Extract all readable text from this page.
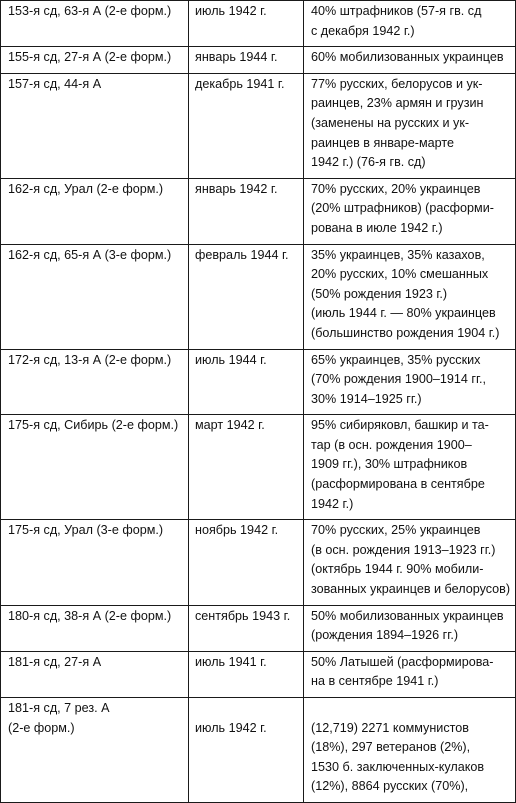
153-я сд, 63-я А (2-е форм.)	июль 1942 г.	40% штрафников (57-я гв. сд
с декабря 1942 г.)

155-я сд, 27-я А (2-е форм.)	январь 1944 г.	60% мобилизованных украинцев

157-я сд, 44-я А	декабрь 1941 г.	77% русских, белорусов и ук-
раинцев, 23% армян и грузин
(заменены на русских и ук-
раинцев в январе-марте
1942 г.) (76-я гв. сд)

162-я сд, Урал (2-е форм.)	январь 1942 г.	70% русских, 20% украинцев
(20% штрафников) (расформи-
рована в июле 1942 г.)

162-я сд, 65-я А (3-е форм.)	февраль 1944 г.	35% украинцев, 35% казахов,
20% русских, 10% смешанных
(50% рождения 1923 г.)
(июль 1944 г. — 80% украинцев
(большинство рождения 1904 г.)

172-я сд, 13-я А (2-е форм.)	июль 1944 г.	65% украинцев, 35% русских
(70% рождения 1900–1914 гг.,
30% 1914–1925 гг.)

175-я сд, Сибирь (2-е форм.)	март 1942 г.	95% сибиряковл, башкир и та-
тар (в осн. рождения 1900–
1909 гг.), 30% штрафников
(расформирована в сентябре
1942 г.)

175-я сд, Урал (3-е форм.)	ноябрь 1942 г.	70% русских, 25% украинцев
(в осн. рождения 1913–1923 гг.)
(октябрь 1944 г. 90% мобили-
зованных украинцев и белорусов)

180-я сд, 38-я А (2-е форм.)	сентябрь 1943 г.	50% мобилизованных украинцев
(рождения 1894–1926 гг.)

181-я сд, 27-я А	июль 1941 г.	50% Латышей (расформирова-
на в сентябре 1941 г.)

181-я сд, 7 рез. А
(2-е форм.)	июль 1942 г.	(12,719) 2271 коммунистов
(18%), 297 ветеранов (2%),
1530 б. заключенных-кулаков
(12%), 8864 русских (70%),
